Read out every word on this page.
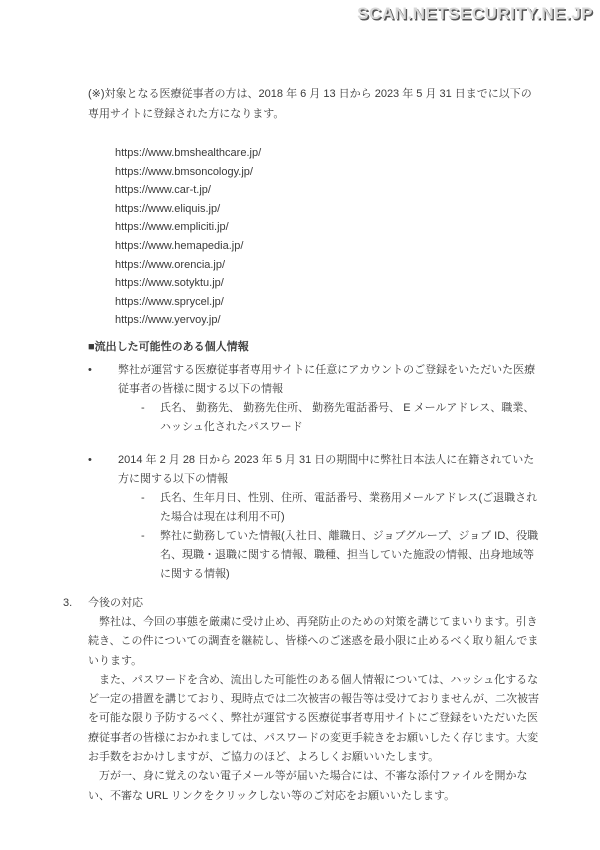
SCAN.NETSECURITY.NE.JP

(※)対象となる医療従事者の方は、2018 年 6 月 13 日から 2023 年 5 月 31 日までに以下の専用サイトに登録された方になります。

https://www.bmshealthcare.jp/
https://www.bmsoncology.jp/
https://www.car-t.jp/
https://www.eliquis.jp/
https://www.empliciti.jp/
https://www.hemapedia.jp/
https://www.orencia.jp/
https://www.sotyktu.jp/
https://www.sprycel.jp/
https://www.yervoy.jp/
■流出した可能性のある個人情報
•	弊社が運営する医療従事者専用サイトに任意にアカウントのご登録をいただいた医療従事者の皆様に関する以下の情報
-	氏名、 勤務先、 勤務先住所、 勤務先電話番号、 E メールアドレス、職業、ハッシュ化されたパスワード
•	2014 年 2 月 28 日から 2023 年 5 月 31 日の期間中に弊社日本法人に在籍されていた方に関する以下の情報
-	氏名、生年月日、性別、住所、電話番号、業務用メールアドレス(ご退職された場合は現在は利用不可)
-	弊社に勤務していた情報(入社日、離職日、ジョブグループ、ジョブ ID、役職名、現職・退職に関する情報、職種、担当していた施設の情報、出身地域等に関する情報)
3.	今後の対応

弊社は、今回の事態を厳粛に受け止め、再発防止のための対策を講じてまいります。引き続き、この件についての調査を継続し、皆様へのご迷惑を最小限に止めるべく取り組んでまいります。

また、パスワードを含め、流出した可能性のある個人情報については、ハッシュ化するなど一定の措置を講じており、現時点では二次被害の報告等は受けておりませんが、二次被害を可能な限り予防するべく、弊社が運営する医療従事者専用サイトにご登録をいただいた医療従事者の皆様におかれましては、パスワードの変更手続きをお願いしたく存じます。大変お手数をおかけしますが、ご協力のほど、よろしくお願いいたします。

万が一、身に覚えのない電子メール等が届いた場合には、不審な添付ファイルを開かない、不審な URL リンクをクリックしない等のご対応をお願いいたします。
